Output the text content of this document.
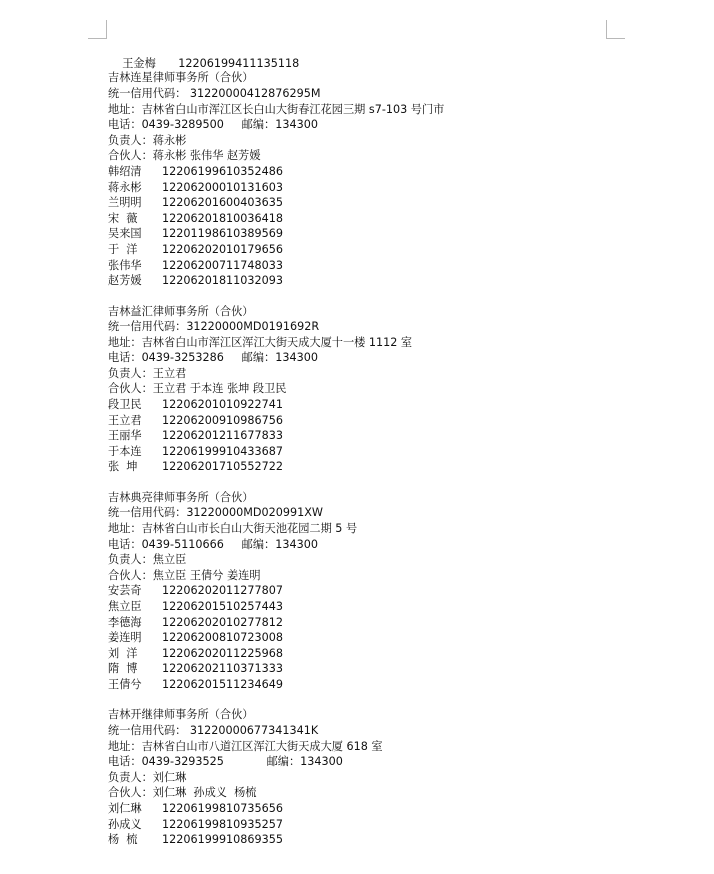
王金梅 12206199411135118

吉林连星律师事务所（合伙）
统一信用代码： 31220000412876295M
地址：吉林省白山市浑江区长白山大街春江花园三期 s7-103 号门市
电话：0439-3289500     邮编：134300
负责人：蒋永彬
合伙人：蒋永彬 张伟华 赵芳媛
韩绍清 12206199610352486
蒋永彬 12206200010131603
兰明明 12206201600403635
宋  薇 12206201810036418
吴来国 12201198610389569
于  洋 12206202010179656
张伟华 12206200711748033
赵芳媛 12206201811032093
吉林益汇律师事务所（合伙）
统一信用代码：31220000MD0191692R
地址：吉林省白山市浑江区浑江大街天成大厦十一楼 1112 室
电话：0439-3253286     邮编：134300
负责人：王立君
合伙人：王立君 于本连 张坤 段卫民
段卫民 12206201010922741
王立君 12206200910986756
王丽华 12206201211677833
于本连 12206199910433687
张  坤 12206201710552722
吉林典亮律师事务所（合伙）
统一信用代码：31220000MD020991XW
地址：吉林省白山市长白山大街天池花园二期 5 号
电话：0439-5110666     邮编：134300
负责人：焦立臣
合伙人：焦立臣 王倩兮 姜连明
安芸奇 12206202011277807
焦立臣 12206201510257443
李德海 12206202010277812
姜连明 12206200810723008
刘  洋 12206202011225968
隋  博 12206202110371333
王倩兮 12206201511234649
吉林开继律师事务所（合伙）
统一信用代码： 31220000677341341K
地址：吉林省白山市八道江区浑江大街天成大厦 618 室
电话：0439-3293525            邮编：134300
负责人：刘仁琳
合伙人：刘仁琳  孙成义  杨梳
刘仁琳 12206199810735656
孙成义 12206199810935257
杨  梳 12206199910869355
